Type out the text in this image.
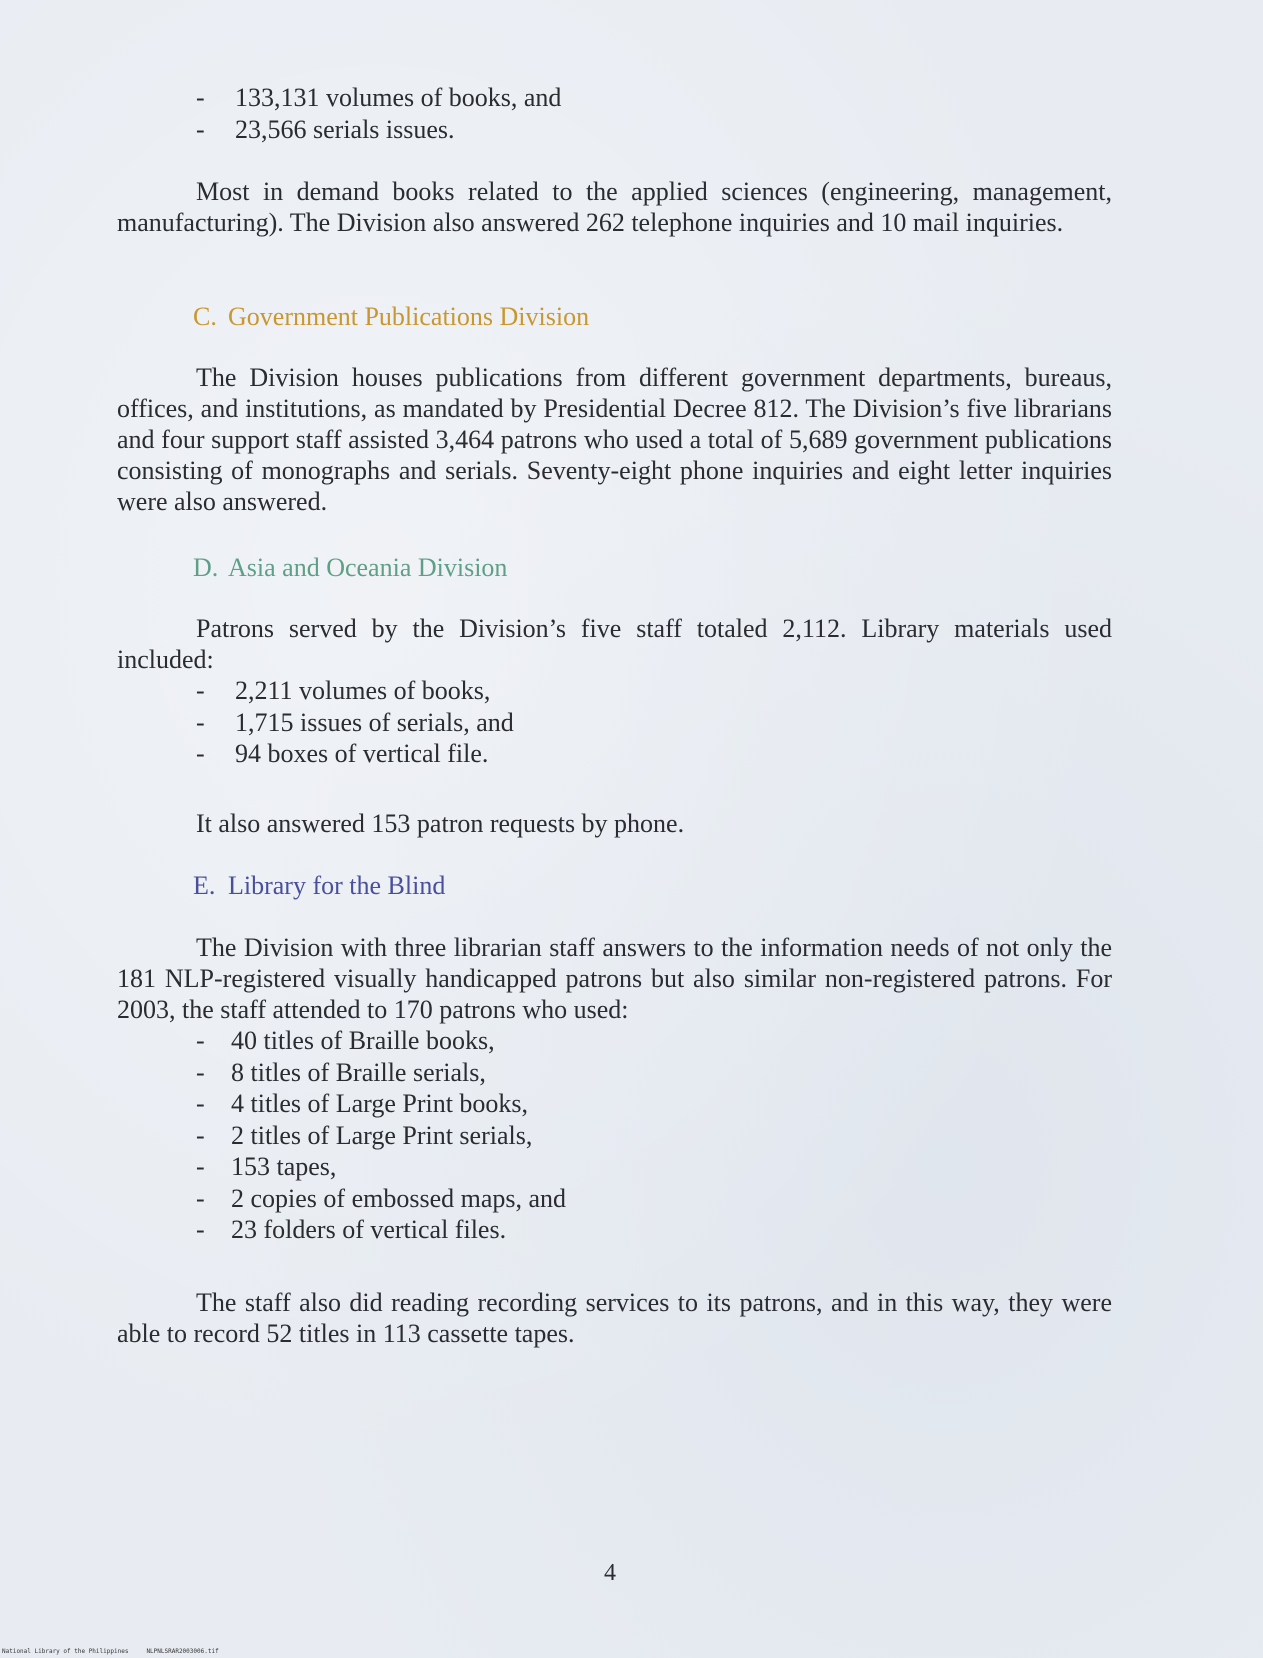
- 133,131 volumes of books, and
- 23,566 serials issues.

Most in demand books related to the applied sciences (engineering, management, manufacturing). The Division also answered 262 telephone inquiries and 10 mail inquiries.

C. Government Publications Division

The Division houses publications from different government departments, bureaus, offices, and institutions, as mandated by Presidential Decree 812. The Division’s five librarians and four support staff assisted 3,464 patrons who used a total of 5,689 government publications consisting of monographs and serials. Seventy-eight phone inquiries and eight letter inquiries were also answered.

D. Asia and Oceania Division

Patrons served by the Division’s five staff totaled 2,112. Library materials used included:

- 2,211 volumes of books,
- 1,715 issues of serials, and
- 94 boxes of vertical file.

It also answered 153 patron requests by phone.

E. Library for the Blind

The Division with three librarian staff answers to the information needs of not only the 181 NLP-registered visually handicapped patrons but also similar non-registered patrons. For 2003, the staff attended to 170 patrons who used:

- 40 titles of Braille books,
- 8 titles of Braille serials,
- 4 titles of Large Print books,
- 2 titles of Large Print serials,
- 153 tapes,
- 2 copies of embossed maps, and
- 23 folders of vertical files.

The staff also did reading recording services to its patrons, and in this way, they were able to record 52 titles in 113 cassette tapes.

4
National Library of the Philippines	NLPNLSRAR2003006.tif
